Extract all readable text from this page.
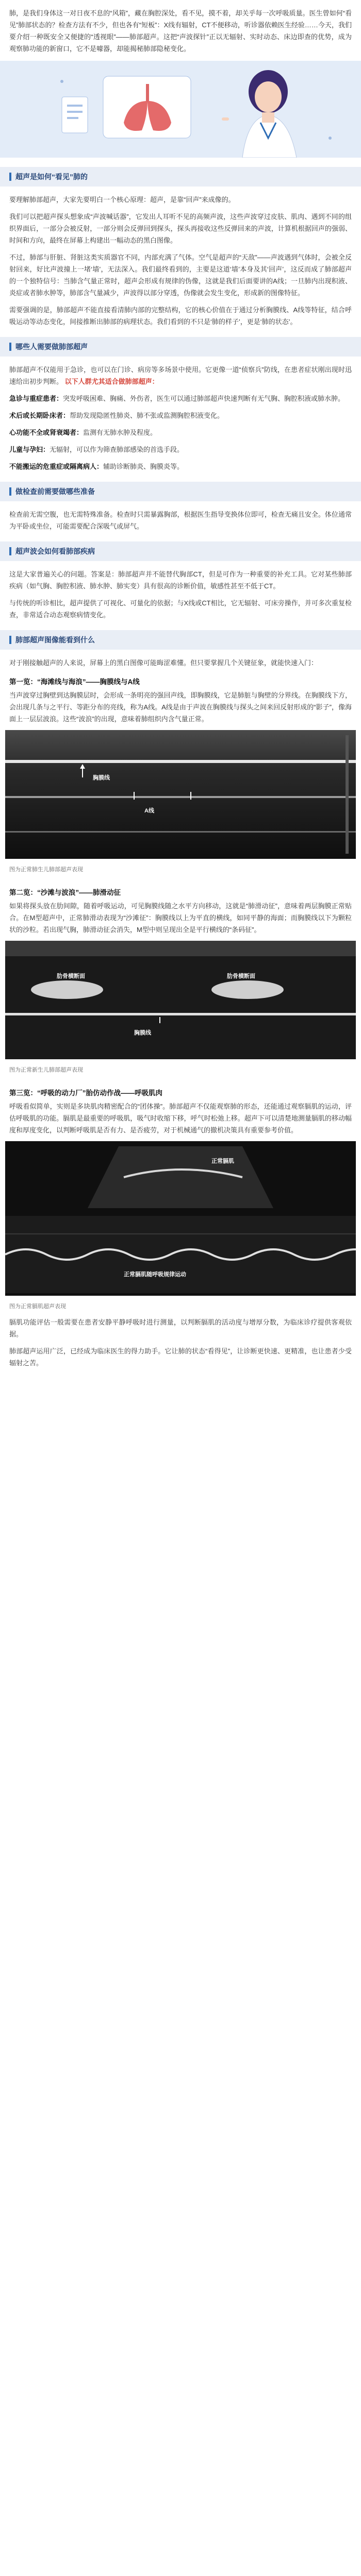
肺，是我们身体这一对日夜不息的“风箱”，藏在胸腔深处，看不见，摸不着，却关乎每一次呼吸质量。医生曾如何“看见”肺部状态的？检查方法有不少，但也各有“短板”：X线有辐射，CT不便移动，听诊器依赖医生经验……今天，我们要介绍一种既安全又便捷的“透视眼”——肺部超声。这把“声波探针”正以无辐射、实时动态、床边即查的优势，成为观察肺功能的新窗口，它不是噱器，却能揭秘肺部隐秘变化。

超声是如何“看见”肺的

要理解肺部超声，大家先要明白一个核心原理：超声，是靠“回声”来成像的。

我们可以把超声探头想象成“声波喊话器”，它发出人耳听不见的高频声波，这些声波穿过皮肤、肌肉、遇到不同的组织界面后，一部分会被反射，一部分则会反弹回到探头，探头再接收这些反弹回来的声波，计算机根据回声的强弱、时间和方向，最终在屏幕上构建出一幅动态的黑白图像。

不过，肺部与肝脏、肾脏这类实质器官不同，内部充满了气体。空气是超声的“天敌”——声波遇到气体时，会被全反射回来，好比声波撞上一堵‘墙’，无法深入。我们最终看到的，主要是这道‘墙’本身及其‘回声’，这反而成了肺部超声的一个独特信号：当肺含气量正常时，超声会形成有规律的伪像，这就是我们后面要讲的A线；一旦肺内出现积液、炎症或者肺水肿等，肺部含气量减少，声波得以部分穿透，伪像就会发生变化，形成新的图像特征。

需要强调的是，肺部超声不能直接看清肺内部的完整结构，它的核心价值在于通过分析胸膜线、A线等特征，结合呼吸运动等动态变化，间接推断出肺部的病理状态。我们看到的不只是‘肺的样子’，更是‘肺的状态’。

哪些人需要做肺部超声

肺部超声不仅能用于急诊，也可以在门诊、病房等多场景中使用。它更像一道“侦察兵”防线，在患者症状刚出现时迅速给出初步判断。 以下人群尤其适合做肺部超声：

急诊与重症患者：突发呼吸困难、胸痛、外伤者，医生可以通过肺部超声快速判断有无气胸、胸腔积液或肺水肿。

术后或长期卧床者：帮助发现隐匿性肺炎、肺不张或监测胸腔积液变化。

心功能不全或肾衰竭者：监测有无肺水肿及程度。

儿童与孕妇：无辐射，可以作为筛查肺部感染的首选手段。

不能搬运的危重症或隔离病人：辅助诊断肺炎、胸膜炎等。

做检查前需要做哪些准备

检查前无需空腹，也无需特殊准备。检查时只需暴露胸部，根据医生指导变换体位即可，检查无痛且安全。体位通常为平卧或坐位，可能需要配合深吸气或屏气。

超声波会如何看肺部疾病

这是大家普遍关心的问题。答案是：肺部超声并不能替代胸部CT，但是可作为一种重要的补充工具。它对某些肺部疾病（如气胸、胸腔积液、肺水肿、肺实变）具有很高的诊断价值，敏感性甚至不低于CT。

与传统的听诊相比，超声提供了可视化、可量化的依据；与X线或CT相比，它无辐射、可床旁操作，并可多次重复检查，非常适合动态观察病情变化。

肺部超声图像能看到什么

对于刚接触超声的人来说，屏幕上的黑白图像可能晦涩难懂。但只要掌握几个关键征象，就能快速入门：

第一览：“海滩线与海浪”——胸膜线与A线

当声波穿过胸壁到达胸膜层时，会形成一条明亮的强回声线，即胸膜线，它是肺脏与胸壁的分界线。在胸膜线下方，会出现几条与之平行、等距分布的亮线，称为A线。A线是由于声波在胸膜线与探头之间来回反射形成的“影子”，像海面上一层层波浪。这些“波浪”的出现，意味着肺组织内含气量正常。

胸膜线
A线
图为正常肺生儿肺部超声表现
第二览：“沙滩与波浪”——肺滑动征

如果将探头放在肋间隙，随着呼吸运动，可见胸膜线随之水平方向移动，这就是“肺滑动征”，意味着两层胸膜正常贴合。在M型超声中，正常肺滑动表现为“沙滩征”：胸膜线以上为平直的横线，如同平静的海面；而胸膜线以下为颗粒状的沙粒。若出现气胸，肺滑动征会消失，M型中则呈现出全是平行横线的“条码征”。

肋骨横断面	肋骨横断面
胸膜线
图为正常新生儿肺部超声表现
第三览：“呼吸的动力厂”胎仿动作战——呼吸肌肉

呼吸看似简单，实则是多块肌肉精密配合的“团体操”。肺部超声不仅能观察肺的形态，还能通过观察膈肌的运动，评估呼吸肌的功能。膈肌是最重要的呼吸肌，吸气时收缩下移，呼气时松弛上移。超声下可以清楚地测量膈肌的移动幅度和厚度变化，以判断呼吸肌是否有力、是否疲劳，对于机械通气的撤机决策具有重要参考价值。

正常膈肌
正常膈肌随呼吸规律运动
图为正常膈肌超声表现

膈肌功能评估一般需要在患者安静平静呼吸时进行测量，以判断膈肌的活动度与增厚分数，为临床诊疗提供客观依据。

肺部超声运用广泛，已经成为临床医生的得力助手。它让肺的状态“看得见”，让诊断更快速、更精准，也让患者少受辐射之苦。
